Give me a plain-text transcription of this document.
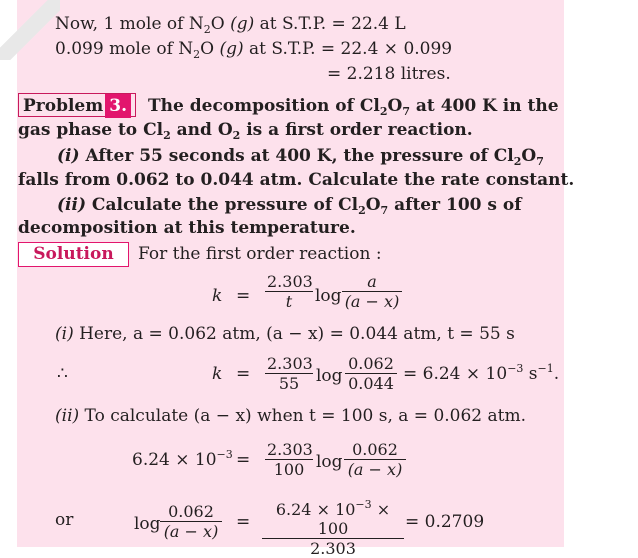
Now, 1 mole of $N_2O$ (g) at S.T.P. = 22.4 L
0.099 mole of $N_2O$ (g) at S.T.P. = 22.4 × 0.099
= 2.218 litres.
Problem 3.	The decomposition of $Cl_2O_7$ at 400 K in the
gas phase to $Cl_2$ and $O_2$ is a first order reaction.
(i) After 55 seconds at 400 K, the pressure of $Cl_2O_7$
falls from 0.062 to 0.044 atm. Calculate the rate constant.
(ii) Calculate the pressure of $Cl_2O_7$ after 100 s of
decomposition at this temperature.
Solution	For the first order reaction :
$k = \frac{2.303}{t}$ $\log \frac{a}{(a - x)}$
(i) Here, a = 0.062 atm, (a − x) = 0.044 atm, t = 55 s
∴	$k = \frac{2.303}{55}$ $\log \frac{0.062}{0.044} = 6.24 \times 10^{-3}$ $s^{-1}$.
(ii) To calculate (a − x) when t = 100 s, a = 0.062 atm.
$6.24 \times 10^{-3} = \frac{2.303}{100}$ $\log \frac{0.062}{(a - x)}$
or	$\log \frac{0.062}{(a - x)} = \frac{6.24 \times 10^{-3} \times 100}{2.303} = 0.2709$
